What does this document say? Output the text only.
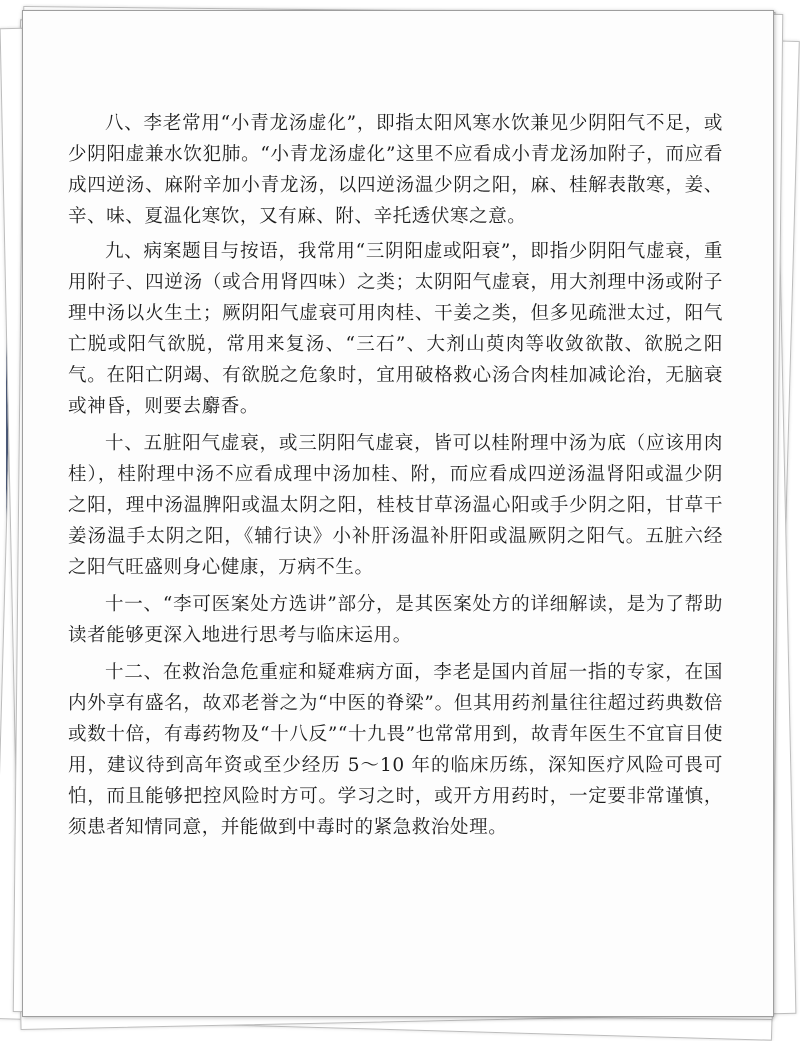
八、李老常用“小青龙汤虚化”，即指太阳风寒水饮兼见少阴阳气不足，或少阴阳虚兼水饮犯肺。“小青龙汤虚化”这里不应看成小青龙汤加附子，而应看成四逆汤、麻附辛加小青龙汤，以四逆汤温少阴之阳，麻、桂解表散寒，姜、辛、味、夏温化寒饮，又有麻、附、辛托透伏寒之意。

九、病案题目与按语，我常用“三阴阳虚或阳衰”，即指少阴阳气虚衰，重用附子、四逆汤（或合用肾四味）之类；太阴阳气虚衰，用大剂理中汤或附子理中汤以火生土；厥阴阳气虚衰可用肉桂、干姜之类，但多见疏泄太过，阳气亡脱或阳气欲脱，常用来复汤、“三石”、大剂山萸肉等收敛欲散、欲脱之阳气。在阳亡阴竭、有欲脱之危象时，宜用破格救心汤合肉桂加减论治，无脑衰或神昏，则要去麝香。

十、五脏阳气虚衰，或三阴阳气虚衰，皆可以桂附理中汤为底（应该用肉桂），桂附理中汤不应看成理中汤加桂、附，而应看成四逆汤温肾阳或温少阴之阳，理中汤温脾阳或温太阴之阳，桂枝甘草汤温心阳或手少阴之阳，甘草干姜汤温手太阴之阳，《辅行诀》小补肝汤温补肝阳或温厥阴之阳气。五脏六经之阳气旺盛则身心健康，万病不生。

十一、“李可医案处方选讲”部分，是其医案处方的详细解读，是为了帮助读者能够更深入地进行思考与临床运用。

十二、在救治急危重症和疑难病方面，李老是国内首屈一指的专家，在国内外享有盛名，故邓老誉之为“中医的脊梁”。但其用药剂量往往超过药典数倍或数十倍，有毒药物及“十八反”“十九畏”也常常用到，故青年医生不宜盲目使用，建议待到高年资或至少经历 5～10 年的临床历练，深知医疗风险可畏可怕，而且能够把控风险时方可。学习之时，或开方用药时，一定要非常谨慎，须患者知情同意，并能做到中毒时的紧急救治处理。
